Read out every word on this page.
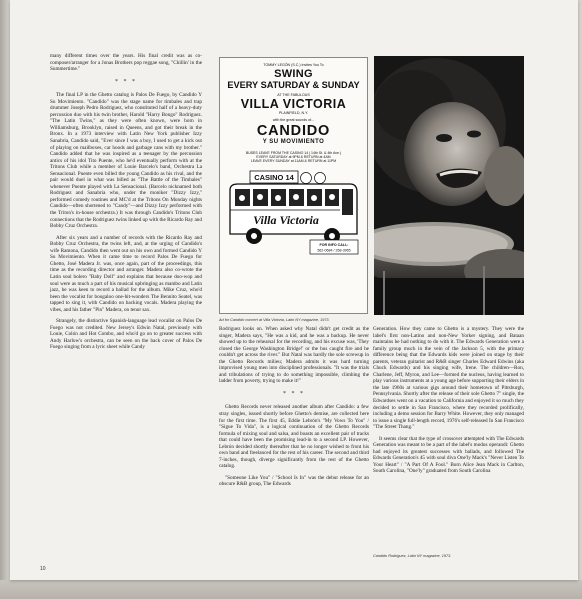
many different times over the years. His final credit was as co-composer/arranger for a Jonas Brothers pop reggae song, "Chillin' in the Summertime."

* * *

The final LP in the Ghetto catalog is Palos De Fuego, by Candido Y Su Movimiento. "Candido" was the stage name for timbales and trap drummer Joseph Pedro Rodriguez, who constituted half of a heavy-duty percussion duo with his twin brother, Harold "Harry Bongo" Rodriguez. "The Latin Twins," as they were often known, were born in Williamsburg, Brooklyn, raised in Queens, and got their break in the Bronx. In a 1973 interview with Latin New York publisher Izzy Sanabria, Candido said, "Ever since I was a boy, I used to get a kick out of playing on mailboxes, car hoods and garbage cans with my brother." Candido added that he was inspired as a teenager by the percussion antics of his idol Tito Puente, who he'd eventually perform with at the Tritons Club while a member of Louie Barcelo's band, Orchestra La Sensacional. Puente even billed the young Candido as his rival, and the pair would duel in what was billed as "The Battle of the Timbales" whenever Puente played with La Sensacional. (Barcelo nicknamed both Rodriguez and Sanabria who, under the moniker "Dizzy Izzy," performed comedy routines and MC'd at the Tritons On Monday nights Candido—often shortened to "Candy"—and Dizzy Izzy performed with the Triton's in-house orchestra.) It was through Candido's Tritons Club connections that the Rodriguez twins linked up with the Ricardo Ray and Bobby Cruz Orchestra.

After six years and a number of records with the Ricardo Ray and Bobby Cruz Orchestra, the twins left, and, at the urging of Candido's wife Ramona, Candido then went out on his own and formed Candido Y Su Movimiento. When it came time to record Palos De Fuego for Ghetto, José Madera Jr. was, once again, part of the proceedings, this time as the recording director and arranger. Madera also co-wrote the Latin soul bolero "Baby Doll" and explains that because doo-wop and soul were as much a part of his musical upbringing as mambo and Latin jazz, he was keen to record a ballad for the album. Mike Cruz, who'd been the vocalist for boogaloo one-hit-wonders The Bennito Seatel, was tapped to sing it, with Candido on backing vocals. Madera playing the vibes, and his father "Pin" Madera, on tenor sax.

Strangely, the distinctive Spanish-language lead vocalist on Palos De Fuego was not credited. New Jersey's Edwin Natal, previously with Louie, Colón and Hot Combo, and who'd go on to greater success with Andy Harlow's orchestra, can be seen on the back cover of Palos De Fuego singing from a lyric sheet while Candy

TOMMY LEGÓN (S.C.) Invites You To
SWING
EVERY SATURDAY & SUNDAY
AT THE FABULOUS
VILLA VICTORIA
PLAINFIELD, N.Y.
with the great sounds of...
CANDIDO
Y SU MOVIMIENTO
BUSES LEAVE FROM THE CASINO 14 | 14th St. & 4th Ave.)
EVERY SATURDAY at 9PM & RETURN at 4AM
LEAVE EVERY SUNDAY at 11AM & RETURN at 11PM
CASINO 14
Villa Victoria
FOR INFO CALL:
562-0684 / 268-3965
Ad for Candido concert at Villa Victoria, Latin NY magazine, 1973.

Rodriguez looks on. When asked why Natal didn't get credit as the singer, Madera says, "He was a kid, and he was a backup. He never showed up to the rehearsal for the recording, and his excuse was, 'They closed the George Washington Bridge!' or the bus caught fire and he couldn't get across the river." But Natal was hardly the sole screwup in the Ghetto Records milieu; Madera admits it was hard turning improvised young men into disciplined professionals. "It was the trials and tribulations of trying to do something impossible, climbing the ladder from poverty, trying to make it!"

* * *

Ghetto Records never released another album after Candido: a few stray singles, issued shortly before Ghetto's demise, are collected here for the first time. The first 45, Eddie Lebrón's "My Vows To You" / "Sigue To Vida", is a logical continuation of the Ghetto Records formula of mixing soul and salsa, and boasts an excellent pair of tracks that could have been the promising lead-in to a second LP. However, Lebrón decided shortly thereafter that he no longer wished to front his own band and freelanced for the rest of his career. The second and third 7-inches, though, diverge significantly from the rest of the Ghetto catalog.

"Someone Like You" / "School Is In" was the debut release for an obscure R&B group, The Edwards

Generation. How they came to Ghetto is a mystery. They were the label's first non-Latino and non-New Yorker signing, and Bataan maintains he had nothing to do with it. The Edwards Generation were a family group much in the vein of the Jackson 5, with the primary difference being that the Edwards kids were joined on stage by their parents, veteran guitarist and R&B singer Charles Edward Edwins (aka Chuck Edwards) and his singing wife, Irene. The children—Ron, Charlene, Jeff, Myron, and Lee—formed the nucleus, having learned to play various instruments at a young age before supporting their elders in the late 1960s at various gigs around their hometown of Pittsburgh, Pennsylvania. Shortly after the release of their sole Ghetto 7" single, the Edwardses went on a vacation to California and enjoyed it so much they decided to settle in San Francisco, where they recorded prolifically, including a demo session for Barry White. However, they only managed to issue a single full-length record, 1976's self-released In San Francisco "The Street Thang."

It seems clear that the type of crossover attempted with The Edwards Generation was meant to be a part of the label's modus operandi: Ghetto had enjoyed its greatest successes with ballads, and followed The Edwards Generation's 45 with soul diva One'ly Mack's "Never Listen To Your Heart" / "A Part Of A Fool." Born Alice Jean Mack in Carlton, South Carolina, "One'ly" graduated from South Carolina

Candido Rodriguez, Latin NY magazine, 1973.
10
